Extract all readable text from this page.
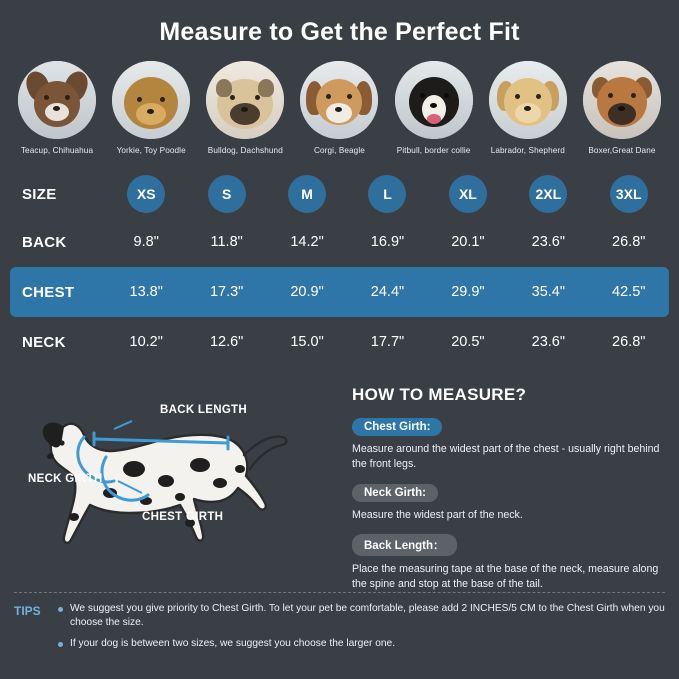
Measure to Get the Perfect Fit
Teacup, Chihuahua	Yorkie, Toy Poodle	Bulldog, Dachshund	Corgi, Beagle	Pitbull, border collie	Labrador, Shepherd	Boxer,Great Dane
SIZE	XS	S	M	L	XL	2XL	3XL
BACK	9.8"	11.8"	14.2"	16.9"	20.1"	23.6"	26.8"
CHEST	13.8"	17.3"	20.9"	24.4"	29.9"	35.4"	42.5"
NECK	10.2"	12.6"	15.0"	17.7"	20.5"	23.6"	26.8"
BACK LENGTH
NECK GIRTH
CHEST GIRTH
HOW TO MEASURE?
Chest Girth:

Measure around the widest part of the chest - usually right behind the front legs.

Neck Girth:

Measure the widest part of the neck.

Back Length：

Place the measuring tape at the base of the neck, measure along the spine and stop at the base of the tail.

TIPS	We suggest you give priority to Chest Girth. To let your pet be comfortable, please add 2 INCHES/5 CM to the Chest Girth when you choose the size.
If your dog is between two sizes, we suggest you choose the larger one.
